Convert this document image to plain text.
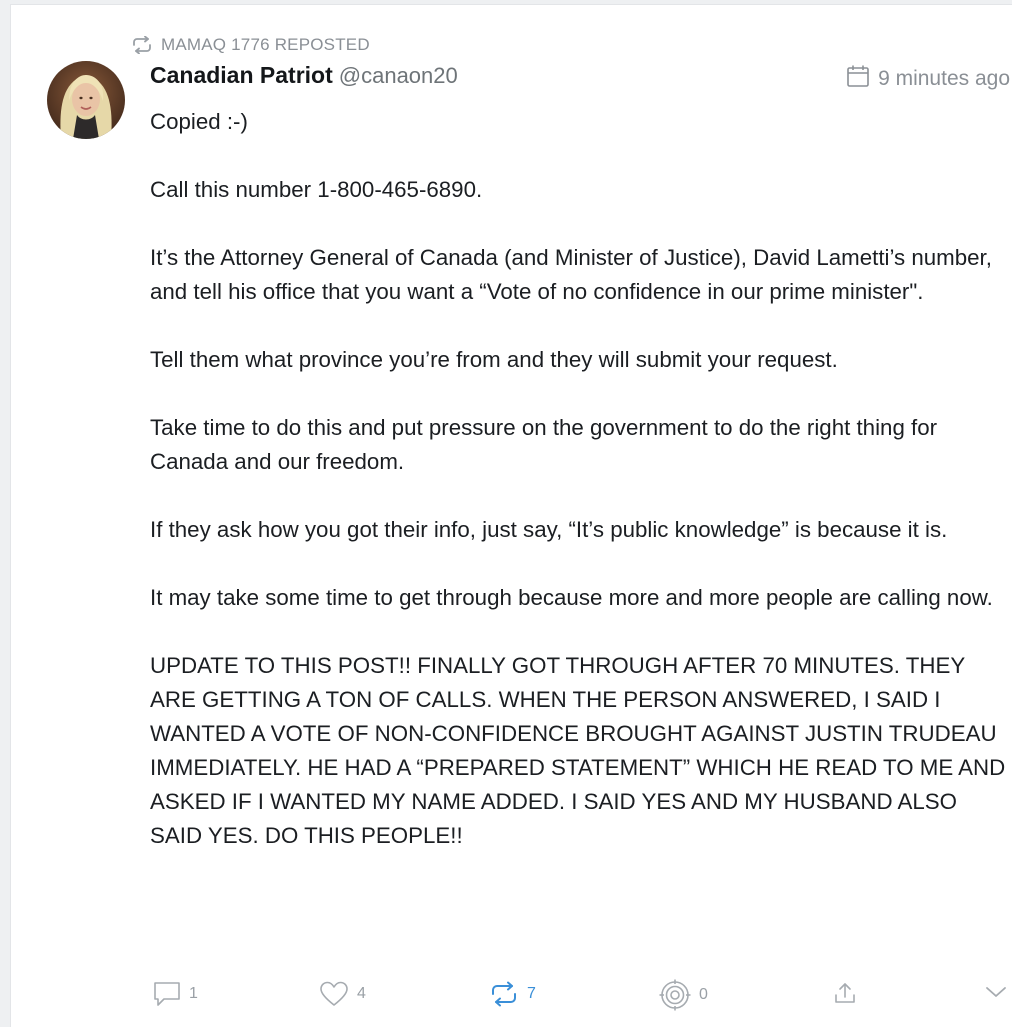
MAMAQ 1776 REPOSTED
Canadian Patriot @canaon20	9 minutes ago

Copied :-)

Call this number 1-800-465-6890.

It’s the Attorney General of Canada (and Minister of Justice), David Lametti’s number, and tell his office that you want a “Vote of no confidence in our prime minister".

Tell them what province you’re from and they will submit your request.

Take time to do this and put pressure on the government to do the right thing for Canada and our freedom.

If they ask how you got their info, just say, “It’s public knowledge” is because it is.

It may take some time to get through because more and more people are calling now.

UPDATE TO THIS POST!! FINALLY GOT THROUGH AFTER 70 MINUTES. THEY ARE GETTING A TON OF CALLS. WHEN THE PERSON ANSWERED, I SAID I WANTED A VOTE OF NON-CONFIDENCE BROUGHT AGAINST JUSTIN TRUDEAU IMMEDIATELY. HE HAD A “PREPARED STATEMENT” WHICH HE READ TO ME AND ASKED IF I WANTED MY NAME ADDED. I SAID YES AND MY HUSBAND ALSO SAID YES. DO THIS PEOPLE!!

1	4	7	0
